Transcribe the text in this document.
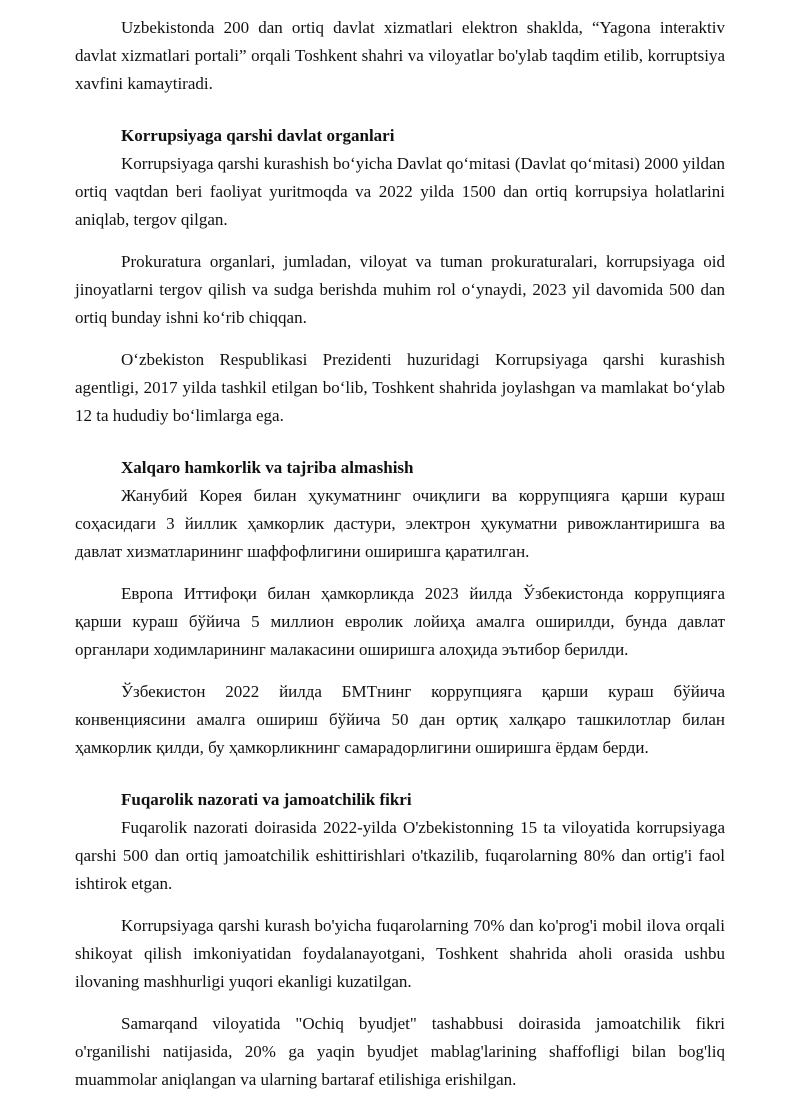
Uzbekistonda 200 dan ortiq davlat xizmatlari elektron shaklda, “Yagona interaktiv davlat xizmatlari portali” orqali Toshkent shahri va viloyatlar bo'ylab taqdim etilib, korruptsiya xavfini kamaytiradi.

Korrupsiyaga qarshi davlat organlari

Korrupsiyaga qarshi kurashish bo‘yicha Davlat qo‘mitasi (Davlat qo‘mitasi) 2000 yildan ortiq vaqtdan beri faoliyat yuritmoqda va 2022 yilda 1500 dan ortiq korrupsiya holatlarini aniqlab, tergov qilgan.

Prokuratura organlari, jumladan, viloyat va tuman prokuraturalari, korrupsiyaga oid jinoyatlarni tergov qilish va sudga berishda muhim rol o‘ynaydi, 2023 yil davomida 500 dan ortiq bunday ishni ko‘rib chiqqan.

O‘zbekiston Respublikasi Prezidenti huzuridagi Korrupsiyaga qarshi kurashish agentligi, 2017 yilda tashkil etilgan bo‘lib, Toshkent shahrida joylashgan va mamlakat bo‘ylab 12 ta hududiy bo‘limlarga ega.

Xalqaro hamkorlik va tajriba almashish

Жанубий Корея билан ҳукуматнинг очиқлиги ва коррупцияга қарши кураш соҳасидаги 3 йиллик ҳамкорлик дастури, электрон ҳукуматни ривожлантиришга ва давлат хизматларининг шаффофлигини оширишга қаратилган.

Европа Иттифоқи билан ҳамкорликда 2023 йилда Ўзбекистонда коррупцияга қарши кураш бўйича 5 миллион евролик лойиҳа амалга оширилди, бунда давлат органлари ходимларининг малакасини оширишга алоҳида эътибор берилди.

Ўзбекистон 2022 йилда БМТнинг коррупцияга қарши кураш бўйича конвенциясини амалга ошириш бўйича 50 дан ортиқ халқаро ташкилотлар билан ҳамкорлик қилди, бу ҳамкорликнинг самарадорлигини оширишга ёрдам берди.

Fuqarolik nazorati va jamoatchilik fikri

Fuqarolik nazorati doirasida 2022-yilda O'zbekistonning 15 ta viloyatida korrupsiyaga qarshi 500 dan ortiq jamoatchilik eshittirishlari o'tkazilib, fuqarolarning 80% dan ortig'i faol ishtirok etgan.

Korrupsiyaga qarshi kurash bo'yicha fuqarolarning 70% dan ko'prog'i mobil ilova orqali shikoyat qilish imkoniyatidan foydalanayotgani, Toshkent shahrida aholi orasida ushbu ilovaning mashhurligi yuqori ekanligi kuzatilgan.

Samarqand viloyatida "Ochiq byudjet" tashabbusi doirasida jamoatchilik fikri o'rganilishi natijasida, 20% ga yaqin byudjet mablag'larining shaffofligi bilan bog'liq muammolar aniqlangan va ularning bartaraf etilishiga erishilgan.
